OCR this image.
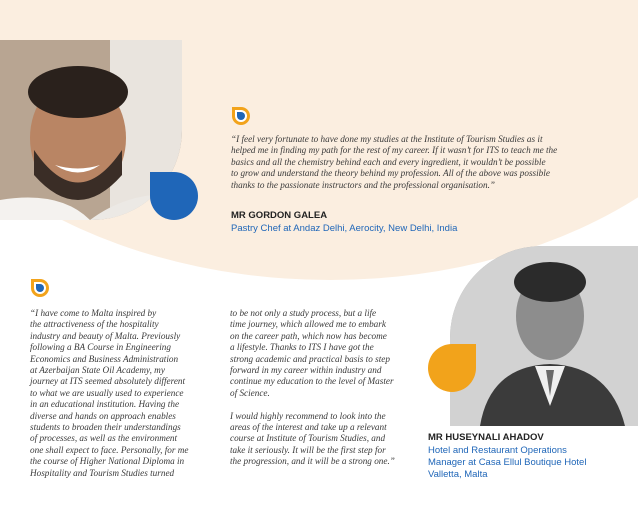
“I feel very fortunate to have done my studies at the Institute of Tourism Studies as it
helped me in finding my path for the rest of my career. If it wasn’t for ITS to teach me the
basics and all the chemistry behind each and every ingredient, it wouldn’t be possible
to grow and understand the theory behind my profession. All of the above was possible
thanks to the passionate instructors and the professional organisation.”

MR GORDON GALEA

Pastry Chef at Andaz Delhi, Aerocity, New Delhi, India

“I have come to Malta inspired by
the attractiveness of the hospitality
industry and beauty of Malta. Previously
following a BA Course in Engineering
Economics and Business Administration
at Azerbaijan State Oil Academy, my
journey at ITS seemed absolutely different
to what we are usually used to experience
in an educational institution. Having the
diverse and hands on approach enables
students to broaden their understandings
of processes, as well as the environment
one shall expect to face. Personally, for me
the course of Higher National Diploma in
Hospitality and Tourism Studies turned

to be not only a study process, but a life
time journey, which allowed me to embark
on the career path, which now has become
a lifestyle. Thanks to ITS I have got the
strong academic and practical basis to step
forward in my career within industry and
continue my education to the level of Master
of Science.

I would highly recommend to look into the
areas of the interest and take up a relevant
course at Institute of Tourism Studies, and
take it seriously. It will be the first step for
the progression, and it will be a strong one.”

MR HUSEYNALI AHADOV

Hotel and Restaurant Operations
Manager at Casa Ellul Boutique Hotel
Valletta, Malta
